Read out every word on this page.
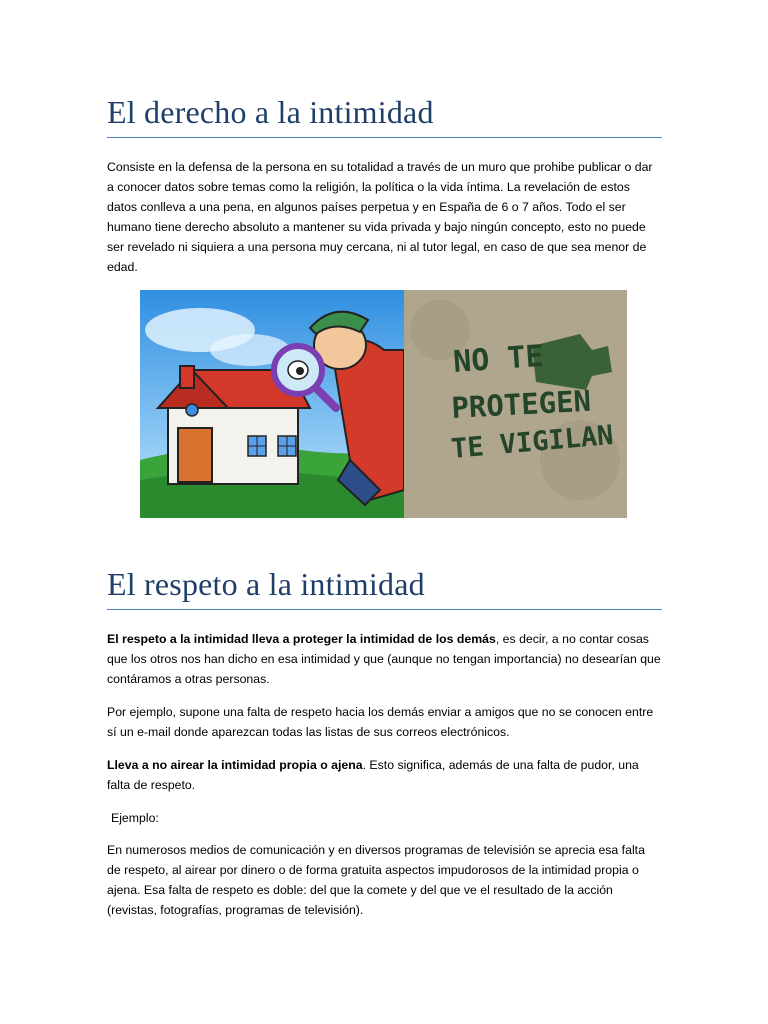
El derecho a la intimidad

Consiste en la defensa de la persona en su totalidad a través de un muro que prohibe publicar o dar a conocer datos sobre temas como la religión, la política o la vida íntima. La revelación de estos datos conlleva a una pena, en algunos países perpetua y en España de 6 o 7 años. Todo el ser humano tiene derecho absoluto a mantener su vida privada y bajo ningún concepto, esto no puede ser revelado ni siquiera a una persona muy cercana, ni al tutor legal, en caso de que sea menor de edad.

NO TE
PROTEGEN
TE VIGILAN
El respeto a la intimidad

El respeto a la intimidad lleva a proteger la intimidad de los demás, es decir, a no contar cosas que los otros nos han dicho en esa intimidad y que (aunque no tengan importancia) no desearían que contáramos a otras personas.

Por ejemplo, supone una falta de respeto hacia los demás enviar a amigos que no se conocen entre sí un e-mail donde aparezcan todas las listas de sus correos electrónicos.

Lleva a no airear la intimidad propia o ajena. Esto significa, además de una falta de pudor, una falta de respeto.

Ejemplo:

En numerosos medios de comunicación y en diversos programas de televisión se aprecia esa falta de respeto, al airear por dinero o de forma gratuita aspectos impudorosos de la intimidad propia o ajena. Esa falta de respeto es doble: del que la comete y del que ve el resultado de la acción (revistas, fotografías, programas de televisión).
